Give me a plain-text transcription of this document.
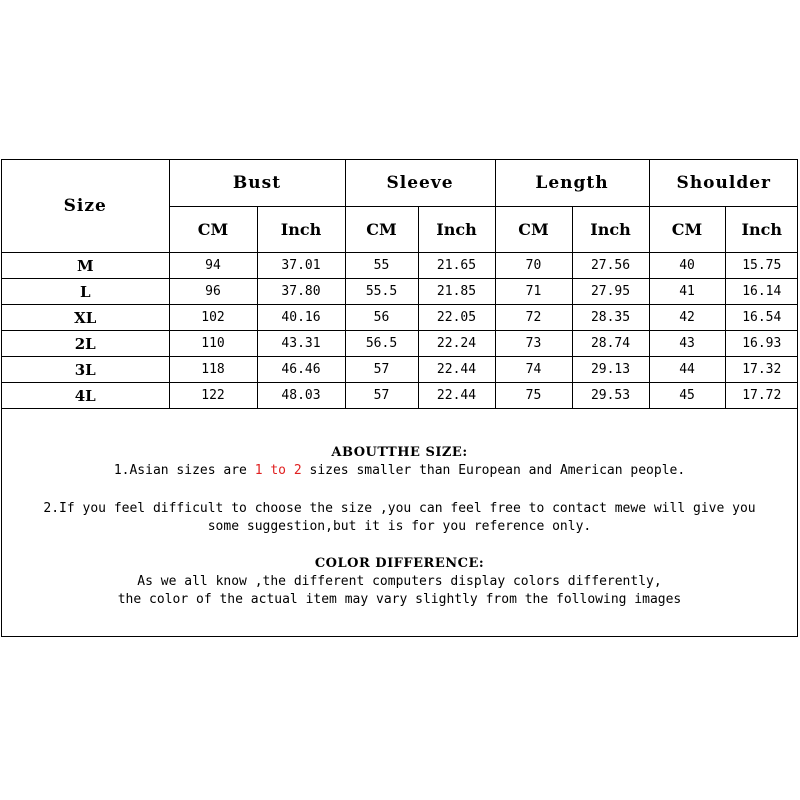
Size	Bust		Sleeve		Length		Shoulder	
	CM	Inch	CM	Inch	CM	Inch	CM	Inch
M	94	37.01	55	21.65	70	27.56	40	15.75
L	96	37.80	55.5	21.85	71	27.95	41	16.14
XL	102	40.16	56	22.05	72	28.35	42	16.54
2L	110	43.31	56.5	22.24	73	28.74	43	16.93
3L	118	46.46	57	22.44	74	29.13	44	17.32
4L	122	48.03	57	22.44	75	29.53	45	17.72
ABOUTTHE SIZE:
1.Asian sizes are 1 to 2 sizes smaller than European and American people.
2.If you feel difficult to choose the size ,you can feel free to contact mewe will give you
some suggestion,but it is for you reference only.
COLOR DIFFERENCE:
As we all know ,the different computers display colors differently,
the color of the actual item may vary slightly from the following images
